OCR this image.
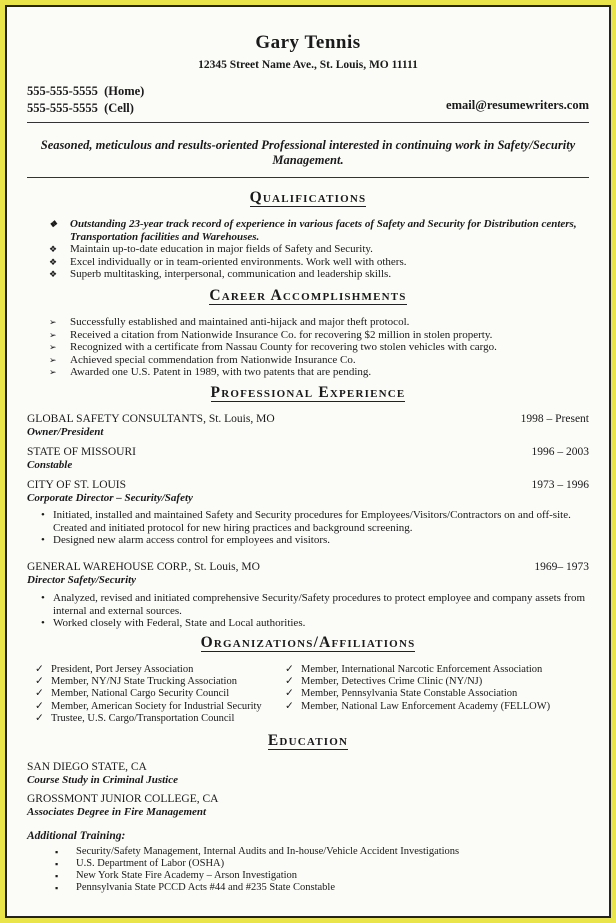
Gary Tennis
12345 Street Name Ave., St. Louis, MO 11111
555-555-5555  (Home)
555-555-5555  (Cell)	email@resumewriters.com
Seasoned, meticulous and results-oriented Professional interested in continuing work in Safety/Security Management.
Qualifications
❖ Outstanding 23-year track record of experience in various facets of Safety and Security for Distribution centers, Transportation facilities and Warehouses.
❖ Maintain up-to-date education in major fields of Safety and Security.
❖ Excel individually or in team-oriented environments. Work well with others.
❖ Superb multitasking, interpersonal, communication and leadership skills.
Career Accomplishments
➢ Successfully established and maintained anti-hijack and major theft protocol.
➢ Received a citation from Nationwide Insurance Co. for recovering $2 million in stolen property.
➢ Recognized with a certificate from Nassau County for recovering two stolen vehicles with cargo.
➢ Achieved special commendation from Nationwide Insurance Co.
➢ Awarded one U.S. Patent in 1989, with two patents that are pending.
Professional Experience
GLOBAL SAFETY CONSULTANTS, St. Louis, MO	1998 – Present
Owner/President
STATE OF MISSOURI	1996 – 2003
Constable
CITY OF ST. LOUIS	1973 – 1996
Corporate Director – Security/Safety
• Initiated, installed and maintained Safety and Security procedures for Employees/Visitors/Contractors on and off-site. Created and initiated protocol for new hiring practices and background screening.
• Designed new alarm access control for employees and visitors.
GENERAL WAREHOUSE CORP., St. Louis, MO	1969– 1973
Director Safety/Security
• Analyzed, revised and initiated comprehensive Security/Safety procedures to protect employee and company assets from internal and external sources.
• Worked closely with Federal, State and Local authorities.
Organizations/Affiliations
✓ President, Port Jersey Association
✓ Member, NY/NJ State Trucking Association
✓ Member, National Cargo Security Council
✓ Member, American Society for Industrial Security
✓ Trustee, U.S. Cargo/Transportation Council
✓ Member, International Narcotic Enforcement Association
✓ Member, Detectives Crime Clinic (NY/NJ)
✓ Member, Pennsylvania State Constable Association
✓ Member, National Law Enforcement Academy (FELLOW)
Education
SAN DIEGO STATE, CA
Course Study in Criminal Justice
GROSSMONT JUNIOR COLLEGE, CA
Associates Degree in Fire Management
Additional Training:
▪ Security/Safety Management, Internal Audits and In-house/Vehicle Accident Investigations
▪ U.S. Department of Labor (OSHA)
▪ New York State Fire Academy – Arson Investigation
▪ Pennsylvania State PCCD Acts #44 and #235 State Constable
